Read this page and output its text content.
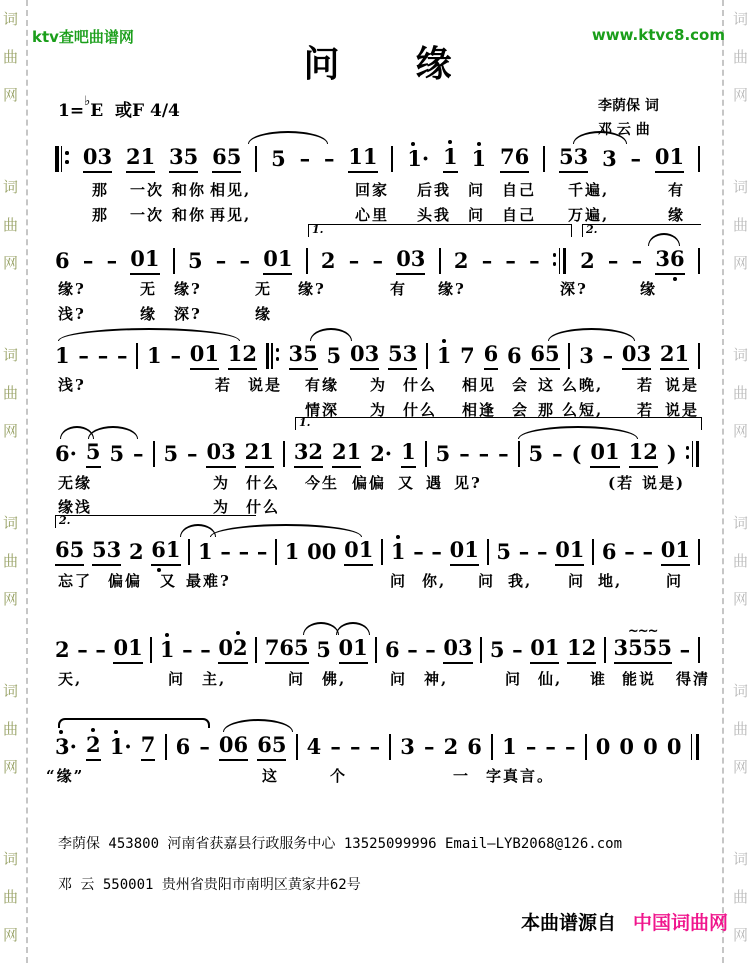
词
曲
网
词
曲
网
词
曲
网
词
曲
网
词
曲
网
词
曲
网
词
曲
网
词
曲
网
词
曲
网
词
曲
网
词
曲
网
词
曲
网
ktv查吧曲谱网	www.ktvc8.com
问 缘
1=♭E 或F 4/4	李荫保 词
邓 云 曲
03 21 35 65 5 – – 11 1· 1 1 76 53 3 – 01
那 一次 和你 相见,	回家 后我 问 自己 千遍,	有
那 一次 和你 再见,	心里 头我 问 自己 万遍,	缘
6 – – 01 5 – – 01 2 – – 03 2 – – – 2 – – 36
1.	2.
缘?	无 缘?	无 缘?	有 缘?	深?	缘
浅?	缘 深?	缘
1 – – – 1 – 01 12 35 5 03 53 1 7 6 6 65 3 – 03 21
浅?	若 说是 有缘 为 什么 相见 会 这 么晚, 若 说是
情深 为 什么 相逢 会 那 么短, 若 说是
6· 5 5 – 5 – 03 21 32 21 2· 1 5 – – – 5 – ( 01 12 )
1.
无缘	为 什么 今生 偏偏 又 遇 见?	(若 说是)
缘浅	为 什么
65 53 2 61 1 – – – 1 00 01 1 – – 01 5 – – 01 6 – – 01
2.
忘了 偏偏 又 最难?	问 你, 问 我, 问 地,	问
2 – – 01 1 – – 02 765 5 01 6 – – 03 5 – 01 12 3555
~~~
–
天,	问 主,	问 佛,	问 神,	问 仙, 谁 能说 得清
3· 2 1· 7 6 – 06 65 4 – – – 3 – 2 6 1 – – – 0 0 0 0
“缘”	这	个	一 字真言。
李荫保 453800 河南省获嘉县行政服务中心 13525099996 Email—LYB2068@126.com
邓 云 550001 贵州省贵阳市南明区黄家井62号
本曲谱源自 中国词曲网
